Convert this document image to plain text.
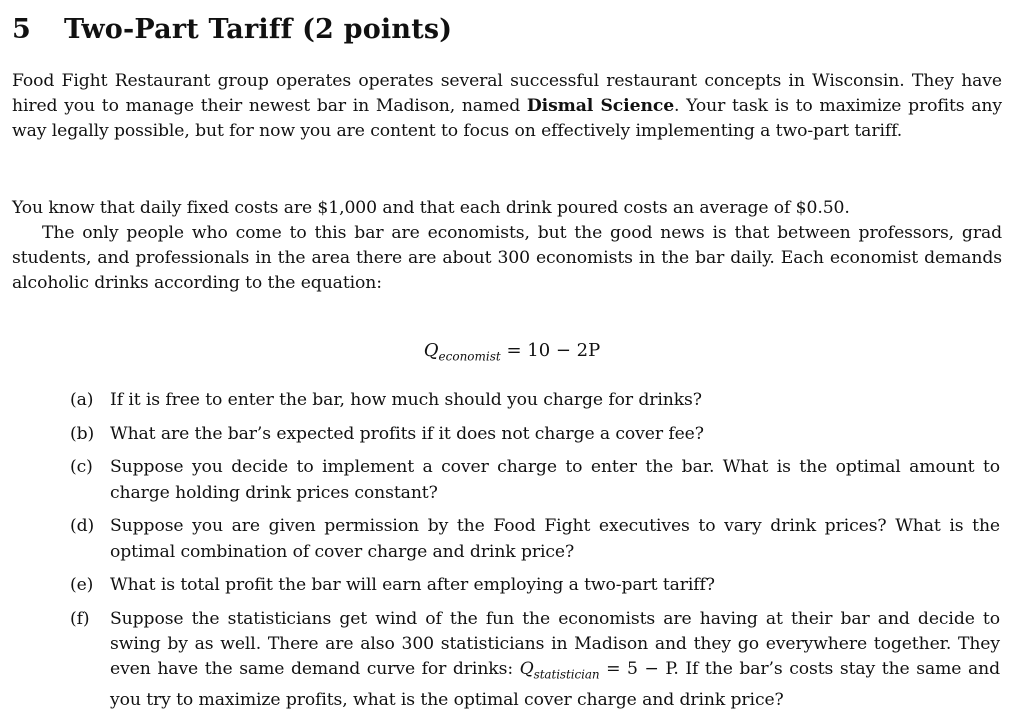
5 Two-Part Tariff (2 points)
Food Fight Restaurant group operates operates several successful restaurant concepts in Wisconsin. They have hired you to manage their newest bar in Madison, named Dismal Science. Your task is to maximize profits any way legally possible, but for now you are content to focus on effectively implementing a two-part tariff.
You know that daily fixed costs are $1,000 and that each drink poured costs an average of $0.50.
The only people who come to this bar are economists, but the good news is that between professors, grad students, and professionals in the area there are about 300 economists in the bar daily. Each economist demands alcoholic drinks according to the equation:
$Q_{economist} = 10 - 2P$
(a) If it is free to enter the bar, how much should you charge for drinks?
(b) What are the bar’s expected profits if it does not charge a cover fee?
(c) Suppose you decide to implement a cover charge to enter the bar. What is the optimal amount to charge holding drink prices constant?
(d) Suppose you are given permission by the Food Fight executives to vary drink prices? What is the optimal combination of cover charge and drink price?
(e) What is total profit the bar will earn after employing a two-part tariff?
(f) Suppose the statisticians get wind of the fun the economists are having at their bar and decide to swing by as well. There are also 300 statisticians in Madison and they go everywhere together. They even have the same demand curve for drinks: $Q_{statistician} = 5 - P$. If the bar’s costs stay the same and you try to maximize profits, what is the optimal cover charge and drink price?
